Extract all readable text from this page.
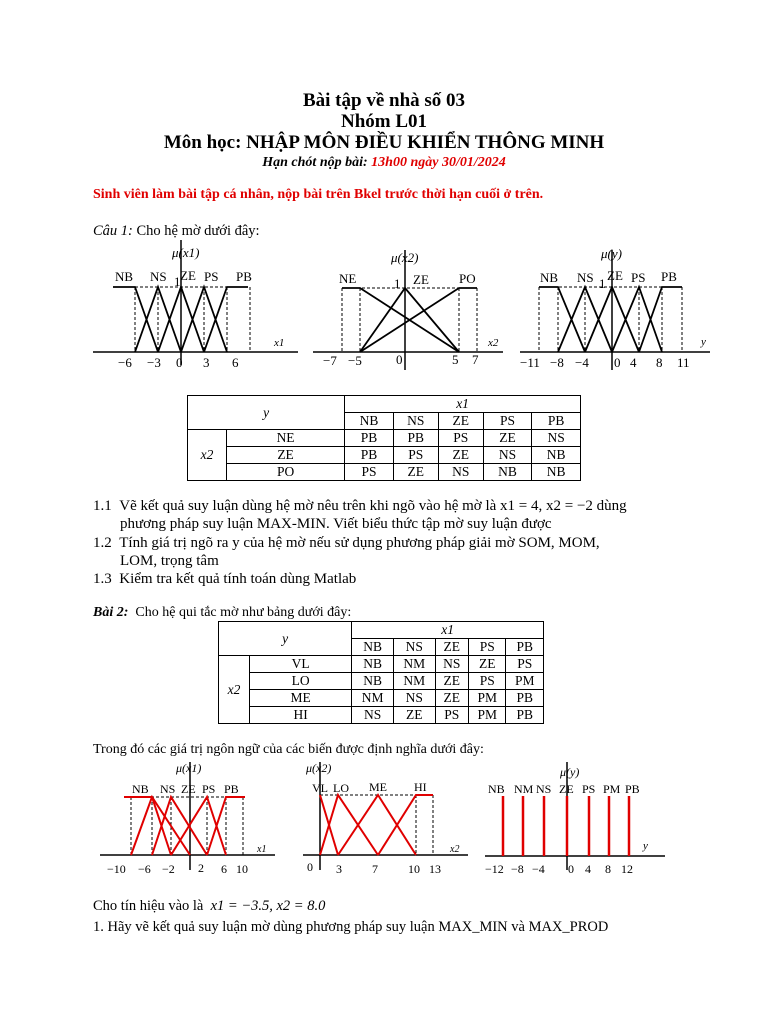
Bài tập về nhà số 03
Nhóm L01
Môn học: NHẬP MÔN ĐIỀU KHIỂN THÔNG MINH
Hạn chót nộp bài: 13h00 ngày 30/01/2024
Sinh viên làm bài tập cá nhân, nộp bài trên Bkel trước thời hạn cuối ở trên.
Câu 1: Cho hệ mờ dưới đây:
μ(x1)
x1
1
NB NS ZE PS PB
−6 −3 0 3 6
μ(x2)
x2
1
NE	ZE PO
−7 −5	0	5 7
μ(y)
y
1
NB NS ZE PS PB
−11 −8 −4 0 4 8 11
y		x1				
		NB	NS	ZE	PS	PB
x2	NE	PB	PB	PS	ZE	NS
	ZE	PB	PS	ZE	NS	NB
	PO	PS	ZE	NS	NB	NB
1.1 Vẽ kết quả suy luận dùng hệ mờ nêu trên khi ngõ vào hệ mờ là x1 = 4, x2 = −2 dùng
phương pháp suy luận MAX-MIN. Viết biểu thức tập mờ suy luận được
1.2 Tính giá trị ngõ ra y của hệ mờ nếu sử dụng phương pháp giải mờ SOM, MOM,
LOM, trọng tâm
1.3 Kiểm tra kết quả tính toán dùng Matlab
Bài 2: Cho hệ qui tắc mờ như bảng dưới đây:
y		x1				
		NB	NS	ZE	PS	PB
x2	VL	NB	NM	NS	ZE	PS
	LO	NB	NM	ZE	PS	PM
	ME	NM	NS	ZE	PM	PB
	HI	NS	ZE	PS	PM	PB
Trong đó các giá trị ngôn ngữ của các biến được định nghĩa dưới đây:
μ(x1)
x1
NB NS ZE PS PB
−10 −6 −2 2 6 10
μ(x2)
x2
VL LO ME HI
0 3	7	10 13
μ(y)
y
NB NM NS ZE PS PM PB
−12 −8 −4 0 4 8 12
Cho tín hiệu vào là x1 = −3.5, x2 = 8.0
1. Hãy vẽ kết quả suy luận mờ dùng phương pháp suy luận MAX_MIN và MAX_PROD
